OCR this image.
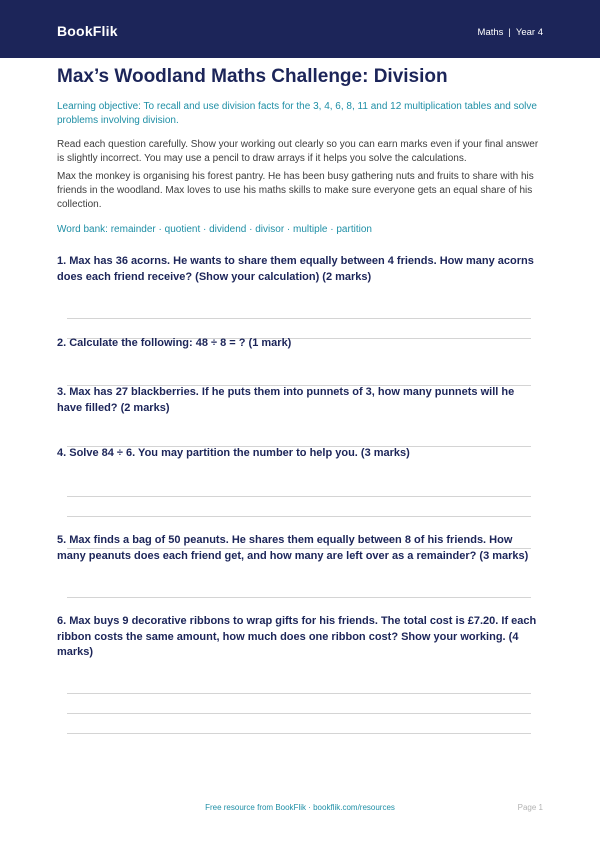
BookFlik	Maths | Year 4
Max’s Woodland Maths Challenge: Division

Learning objective: To recall and use division facts for the 3, 4, 6, 8, 11 and 12 multiplication tables and solve problems involving division.

Read each question carefully. Show your working out clearly so you can earn marks even if your final answer is slightly incorrect. You may use a pencil to draw arrays if it helps you solve the calculations.

Max the monkey is organising his forest pantry. He has been busy gathering nuts and fruits to share with his friends in the woodland. Max loves to use his maths skills to make sure everyone gets an equal share of his collection.

Word bank: remainder · quotient · dividend · divisor · multiple · partition

1. Max has 36 acorns. He wants to share them equally between 4 friends. How many acorns does each friend receive? (Show your calculation) (2 marks)

2. Calculate the following: 48 ÷ 8 = ? (1 mark)

3. Max has 27 blackberries. If he puts them into punnets of 3, how many punnets will he have filled? (2 marks)

4. Solve 84 ÷ 6. You may partition the number to help you. (3 marks)

5. Max finds a bag of 50 peanuts. He shares them equally between 8 of his friends. How many peanuts does each friend get, and how many are left over as a remainder? (3 marks)

6. Max buys 9 decorative ribbons to wrap gifts for his friends. The total cost is £7.20. If each ribbon costs the same amount, how much does one ribbon cost? Show your working. (4 marks)

Free resource from BookFlik · bookflik.com/resources	Page 1
